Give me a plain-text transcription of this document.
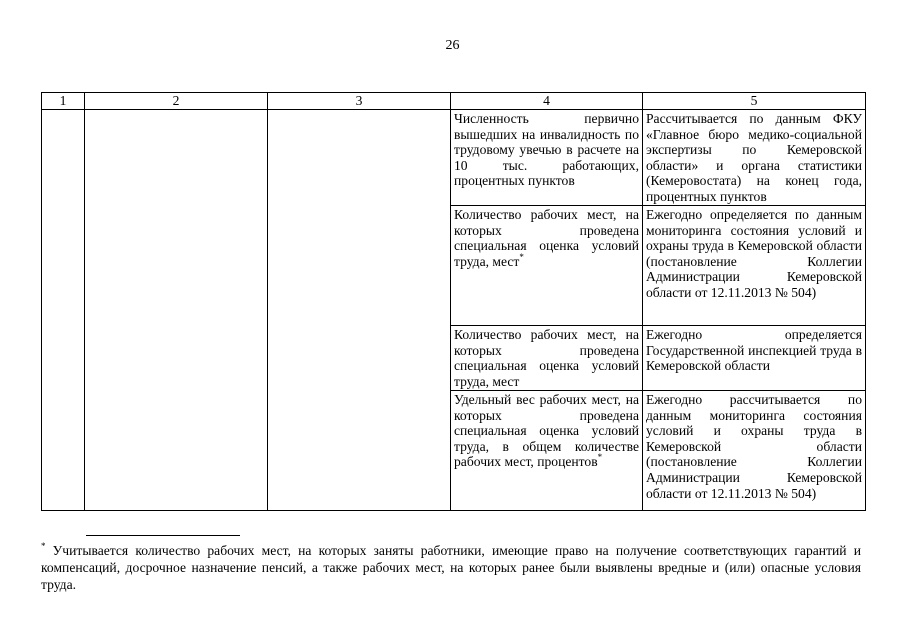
26
1	2	3	4	5
			Численность первично вышедших на инвалидность по трудовому увечью в расчете на 10 тыс. работающих, процентных пунктов	Рассчитывается по данным ФКУ «Главное бюро медико-социальной экспертизы по Кемеровской области» и органа статистики (Кемеровостата) на конец года, процентных пунктов
			Количество рабочих мест, на которых проведена специальная оценка условий труда, мест*	Ежегодно определяется по данным мониторинга состояния условий и охраны труда в Кемеровской области (постановление Коллегии Администрации Кемеровской области от 12.11.2013 № 504)
			Количество рабочих мест, на которых проведена специальная оценка условий труда, мест	Ежегодно определяется Государственной инспекцией труда в Кемеровской области
			Удельный вес рабочих мест, на которых проведена специальная оценка условий труда, в общем количестве рабочих мест, процентов*	Ежегодно рассчитывается по данным мониторинга состояния условий и охраны труда в Кемеровской области (постановление Коллегии Администрации Кемеровской области от 12.11.2013 № 504)
* Учитывается количество рабочих мест, на которых заняты работники, имеющие право на получение соответствующих гарантий и компенсаций, досрочное назначение пенсий, а также рабочих мест, на которых ранее были выявлены вредные и (или) опасные условия труда.
